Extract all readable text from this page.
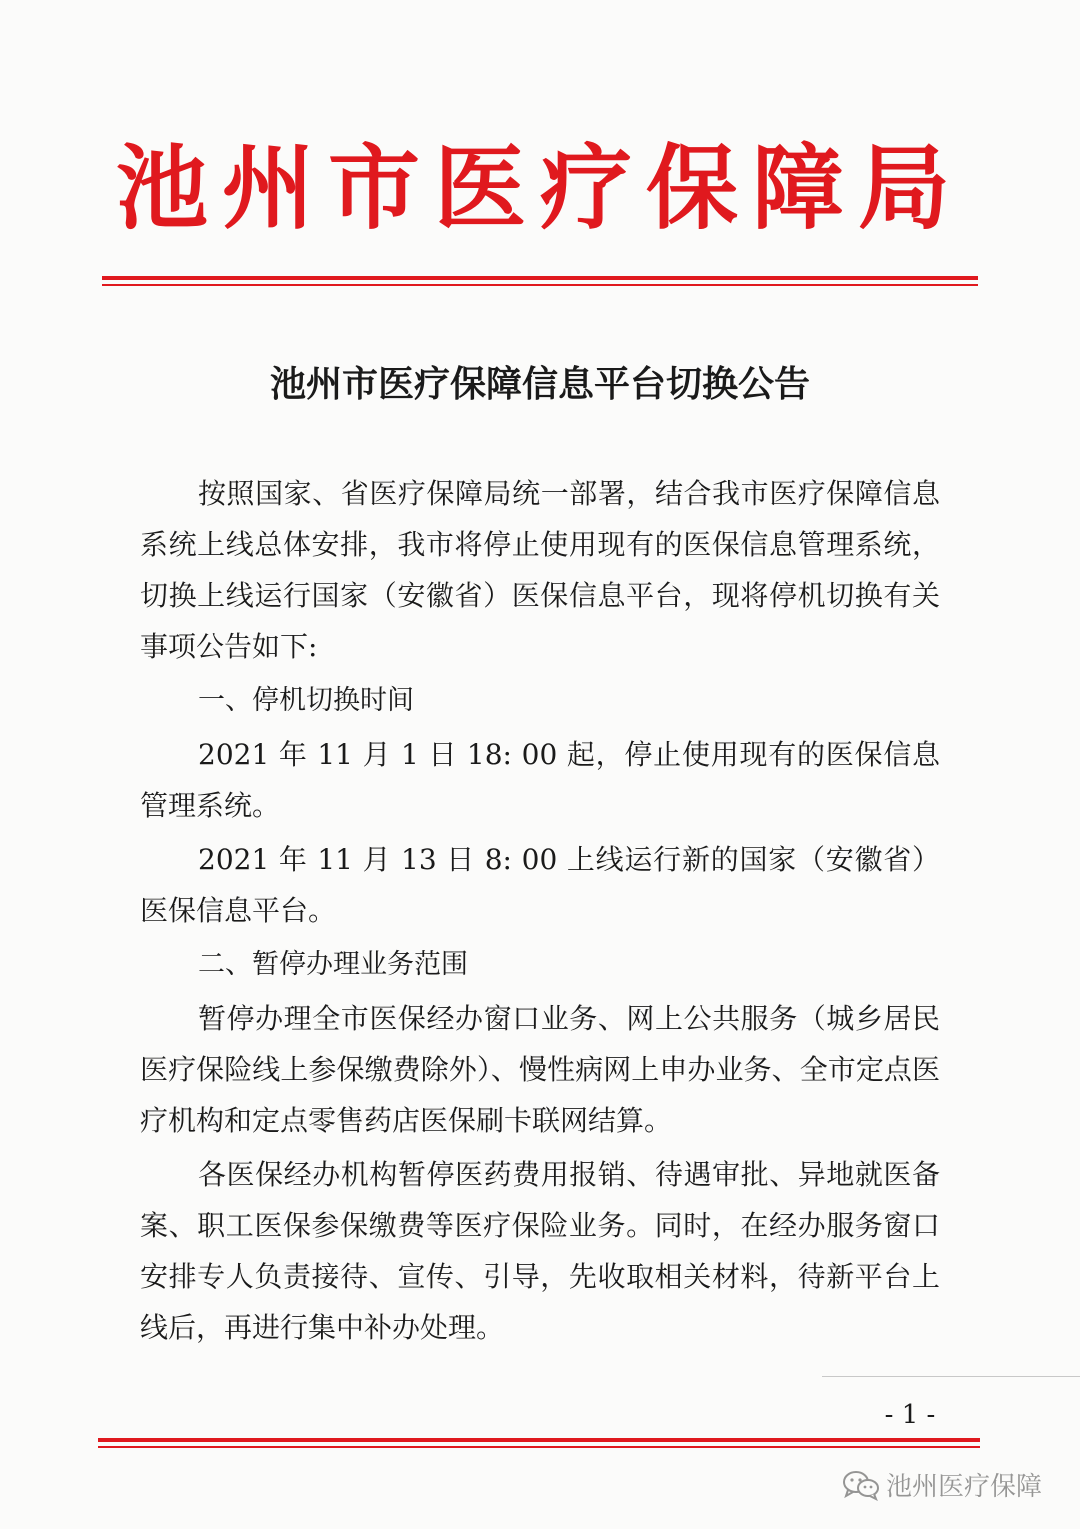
池州市医疗保障局
池州市医疗保障信息平台切换公告

按照国家、省医疗保障局统一部署，结合我市医疗保障信息系统上线总体安排，我市将停止使用现有的医保信息管理系统，切换上线运行国家（安徽省）医保信息平台，现将停机切换有关事项公告如下:

一、停机切换时间

2021 年 11 月 1 日 18: 00 起，停止使用现有的医保信息管理系统。

2021 年 11 月 13 日 8: 00 上线运行新的国家（安徽省）医保信息平台。

二、暂停办理业务范围

暂停办理全市医保经办窗口业务、网上公共服务（城乡居民医疗保险线上参保缴费除外）、慢性病网上申办业务、全市定点医疗机构和定点零售药店医保刷卡联网结算。

各医保经办机构暂停医药费用报销、待遇审批、异地就医备案、职工医保参保缴费等医疗保险业务。同时，在经办服务窗口安排专人负责接待、宣传、引导，先收取相关材料，待新平台上线后，再进行集中补办处理。

- 1 -
池州医疗保障
